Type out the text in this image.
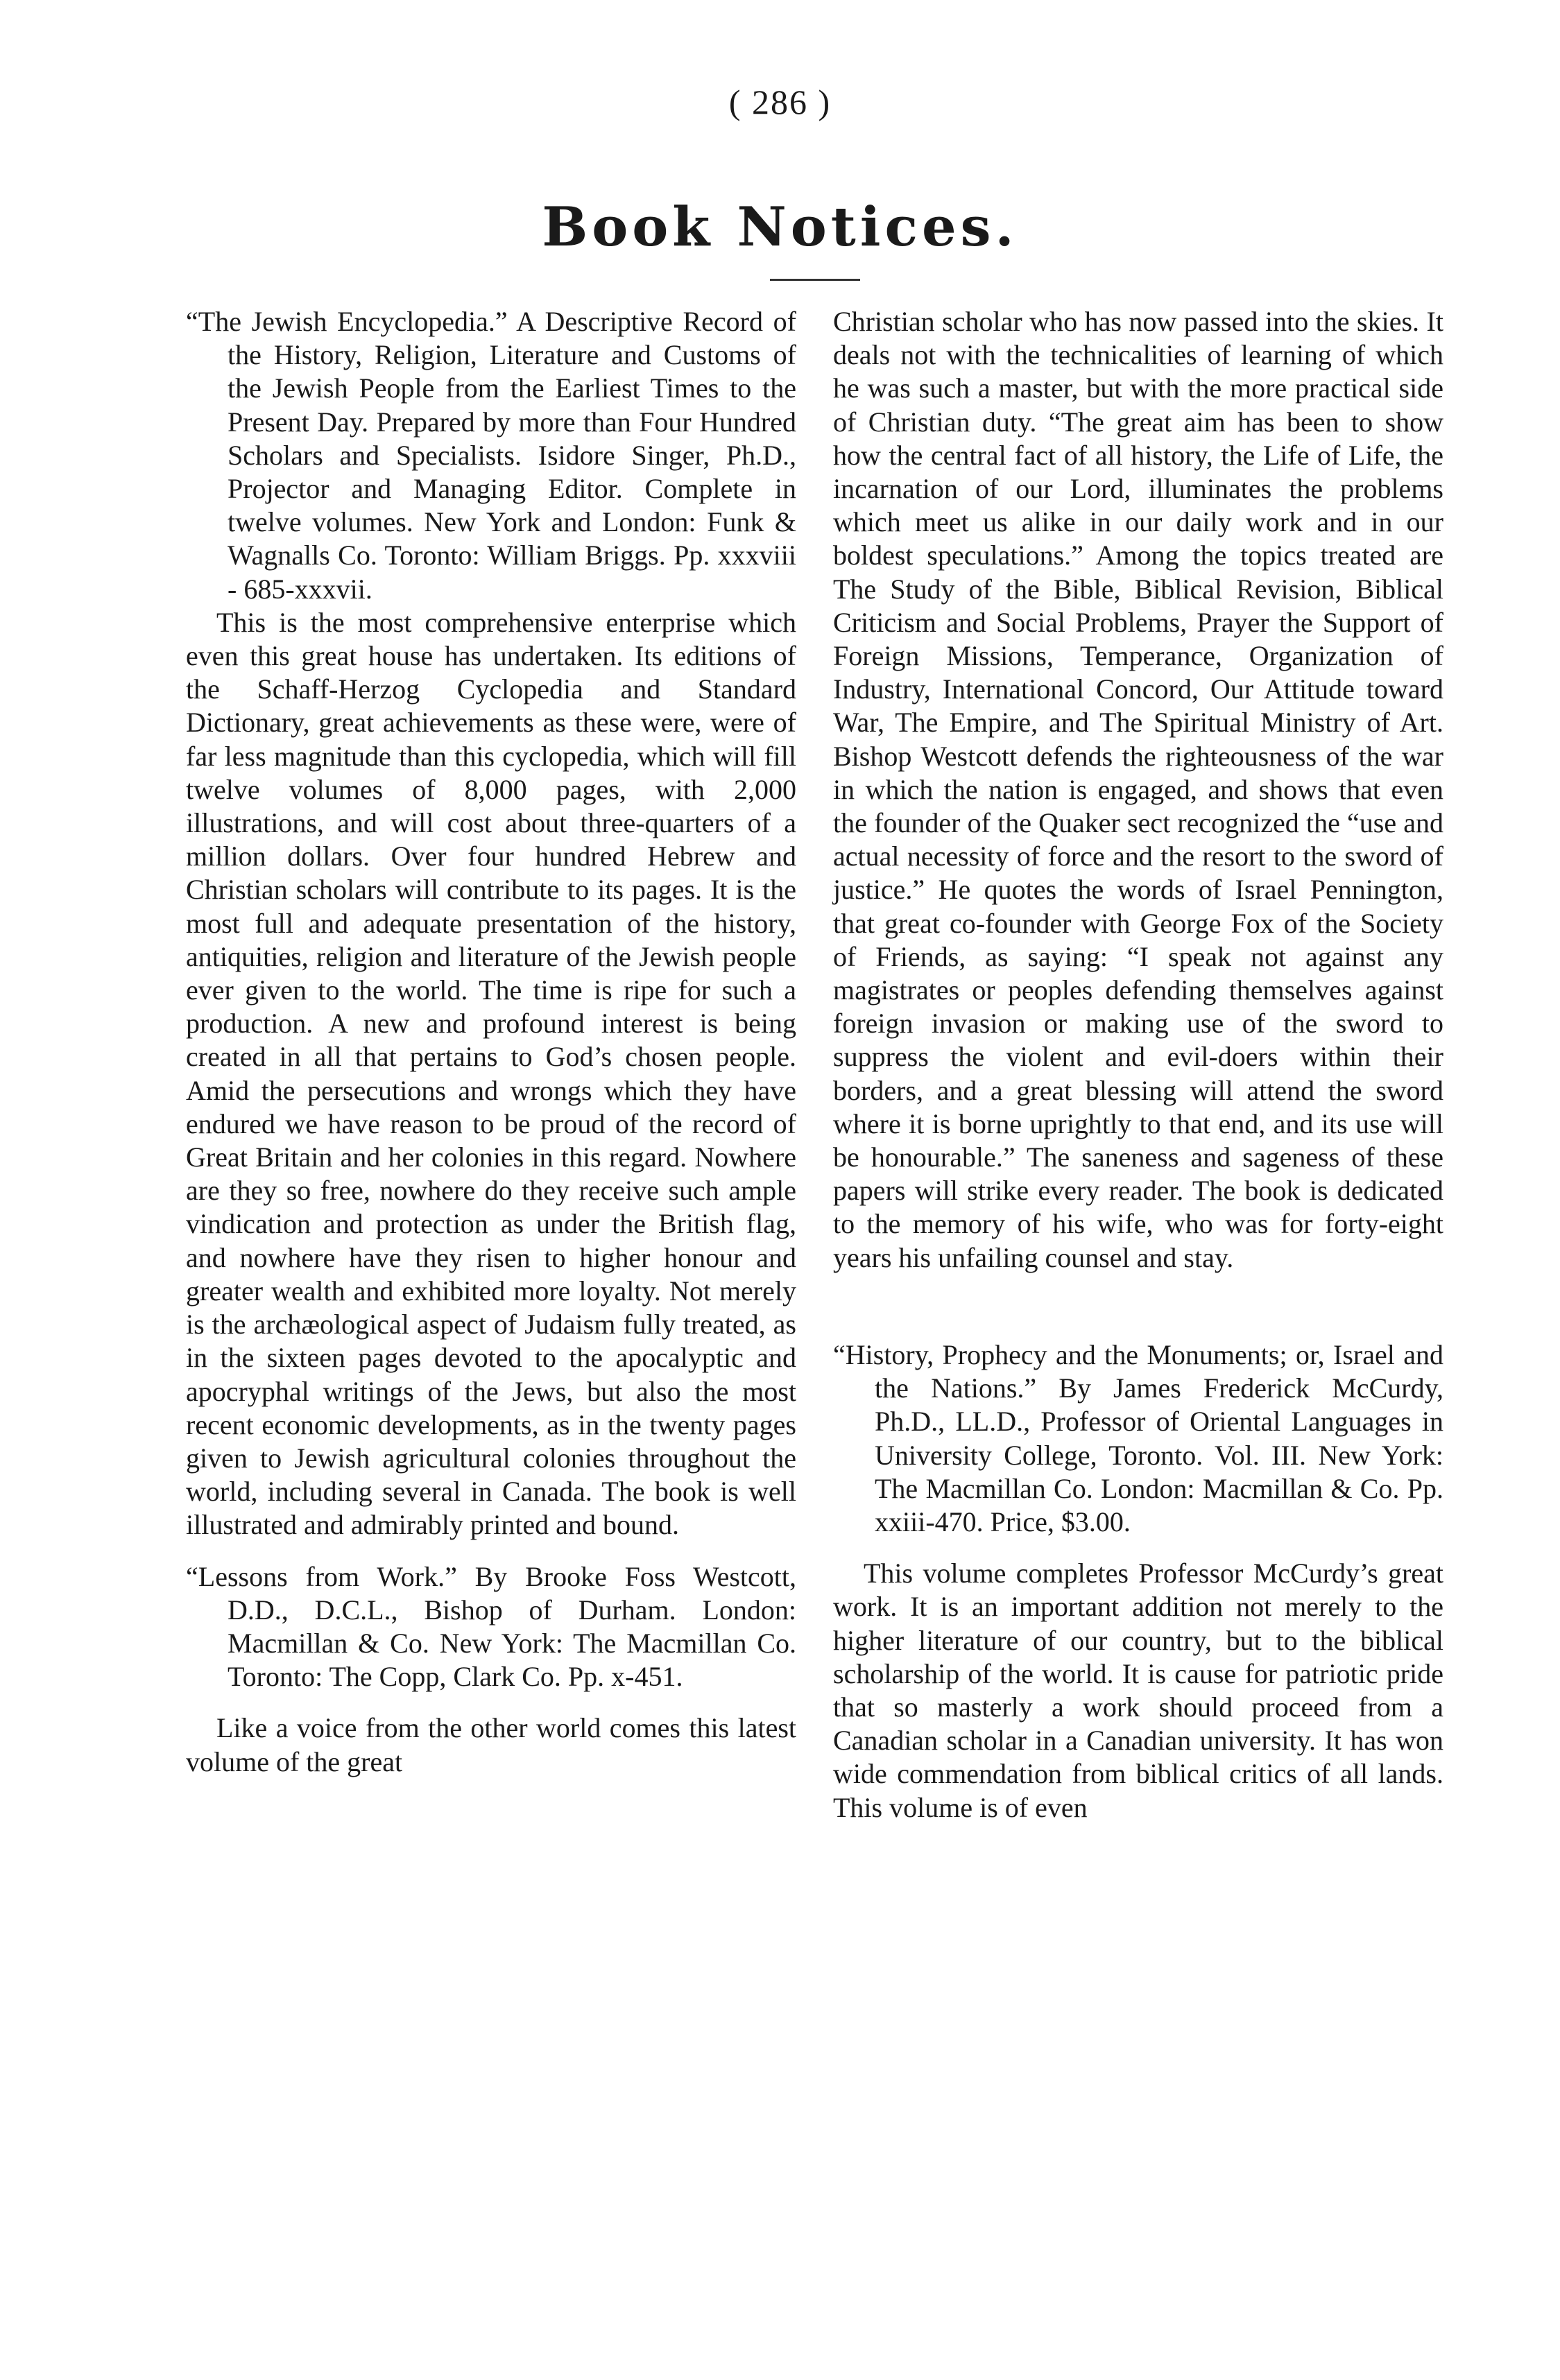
( 286 )
Book Notices.

“The Jewish Encyclopedia.” A Descriptive Record of the History, Religion, Literature and Customs of the Jewish People from the Earliest Times to the Present Day. Prepared by more than Four Hundred Scholars and Specialists. Isidore Singer, Ph.D., Projector and Managing Editor. Complete in twelve volumes. New York and London: Funk & Wagnalls Co. Toronto: William Briggs. Pp. xxxviii - 685-xxxvii.

This is the most comprehensive enterprise which even this great house has undertaken. Its editions of the Schaff-Herzog Cyclopedia and Standard Dictionary, great achievements as these were, were of far less magnitude than this cyclopedia, which will fill twelve volumes of 8,000 pages, with 2,000 illustrations, and will cost about three-quarters of a million dollars. Over four hundred Hebrew and Christian scholars will contribute to its pages. It is the most full and adequate presentation of the history, antiquities, religion and literature of the Jewish people ever given to the world. The time is ripe for such a production. A new and profound interest is being created in all that pertains to God’s chosen people. Amid the persecutions and wrongs which they have endured we have reason to be proud of the record of Great Britain and her colonies in this regard. Nowhere are they so free, nowhere do they receive such ample vindication and protection as under the British flag, and nowhere have they risen to higher honour and greater wealth and exhibited more loyalty. Not merely is the archæological aspect of Judaism fully treated, as in the sixteen pages devoted to the apocalyptic and apocryphal writings of the Jews, but also the most recent economic developments, as in the twenty pages given to Jewish agricultural colonies throughout the world, including several in Canada. The book is well illustrated and admirably printed and bound.

“Lessons from Work.” By Brooke Foss Westcott, D.D., D.C.L., Bishop of Durham. London: Macmillan & Co. New York: The Macmillan Co. Toronto: The Copp, Clark Co. Pp. x-451.

Like a voice from the other world comes this latest volume of the great

Christian scholar who has now passed into the skies. It deals not with the technicalities of learning of which he was such a master, but with the more practical side of Christian duty. “The great aim has been to show how the central fact of all history, the Life of Life, the incarnation of our Lord, illuminates the problems which meet us alike in our daily work and in our boldest speculations.” Among the topics treated are The Study of the Bible, Biblical Revision, Biblical Criticism and Social Problems, Prayer the Support of Foreign Missions, Temperance, Organization of Industry, International Concord, Our Attitude toward War, The Empire, and The Spiritual Ministry of Art. Bishop Westcott defends the righteousness of the war in which the nation is engaged, and shows that even the founder of the Quaker sect recognized the “use and actual necessity of force and the resort to the sword of justice.” He quotes the words of Israel Pennington, that great co-founder with George Fox of the Society of Friends, as saying: “I speak not against any magistrates or peoples defending themselves against foreign invasion or making use of the sword to suppress the violent and evil-doers within their borders, and a great blessing will attend the sword where it is borne uprightly to that end, and its use will be honourable.” The saneness and sageness of these papers will strike every reader. The book is dedicated to the memory of his wife, who was for forty-eight years his unfailing counsel and stay.

“History, Prophecy and the Monuments; or, Israel and the Nations.” By James Frederick McCurdy, Ph.D., LL.D., Professor of Oriental Languages in University College, Toronto. Vol. III. New York: The Macmillan Co. London: Macmillan & Co. Pp. xxiii-470. Price, $3.00.

This volume completes Professor McCurdy’s great work. It is an important addition not merely to the higher literature of our country, but to the biblical scholarship of the world. It is cause for patriotic pride that so masterly a work should proceed from a Canadian scholar in a Canadian university. It has won wide commendation from biblical critics of all lands. This volume is of even
